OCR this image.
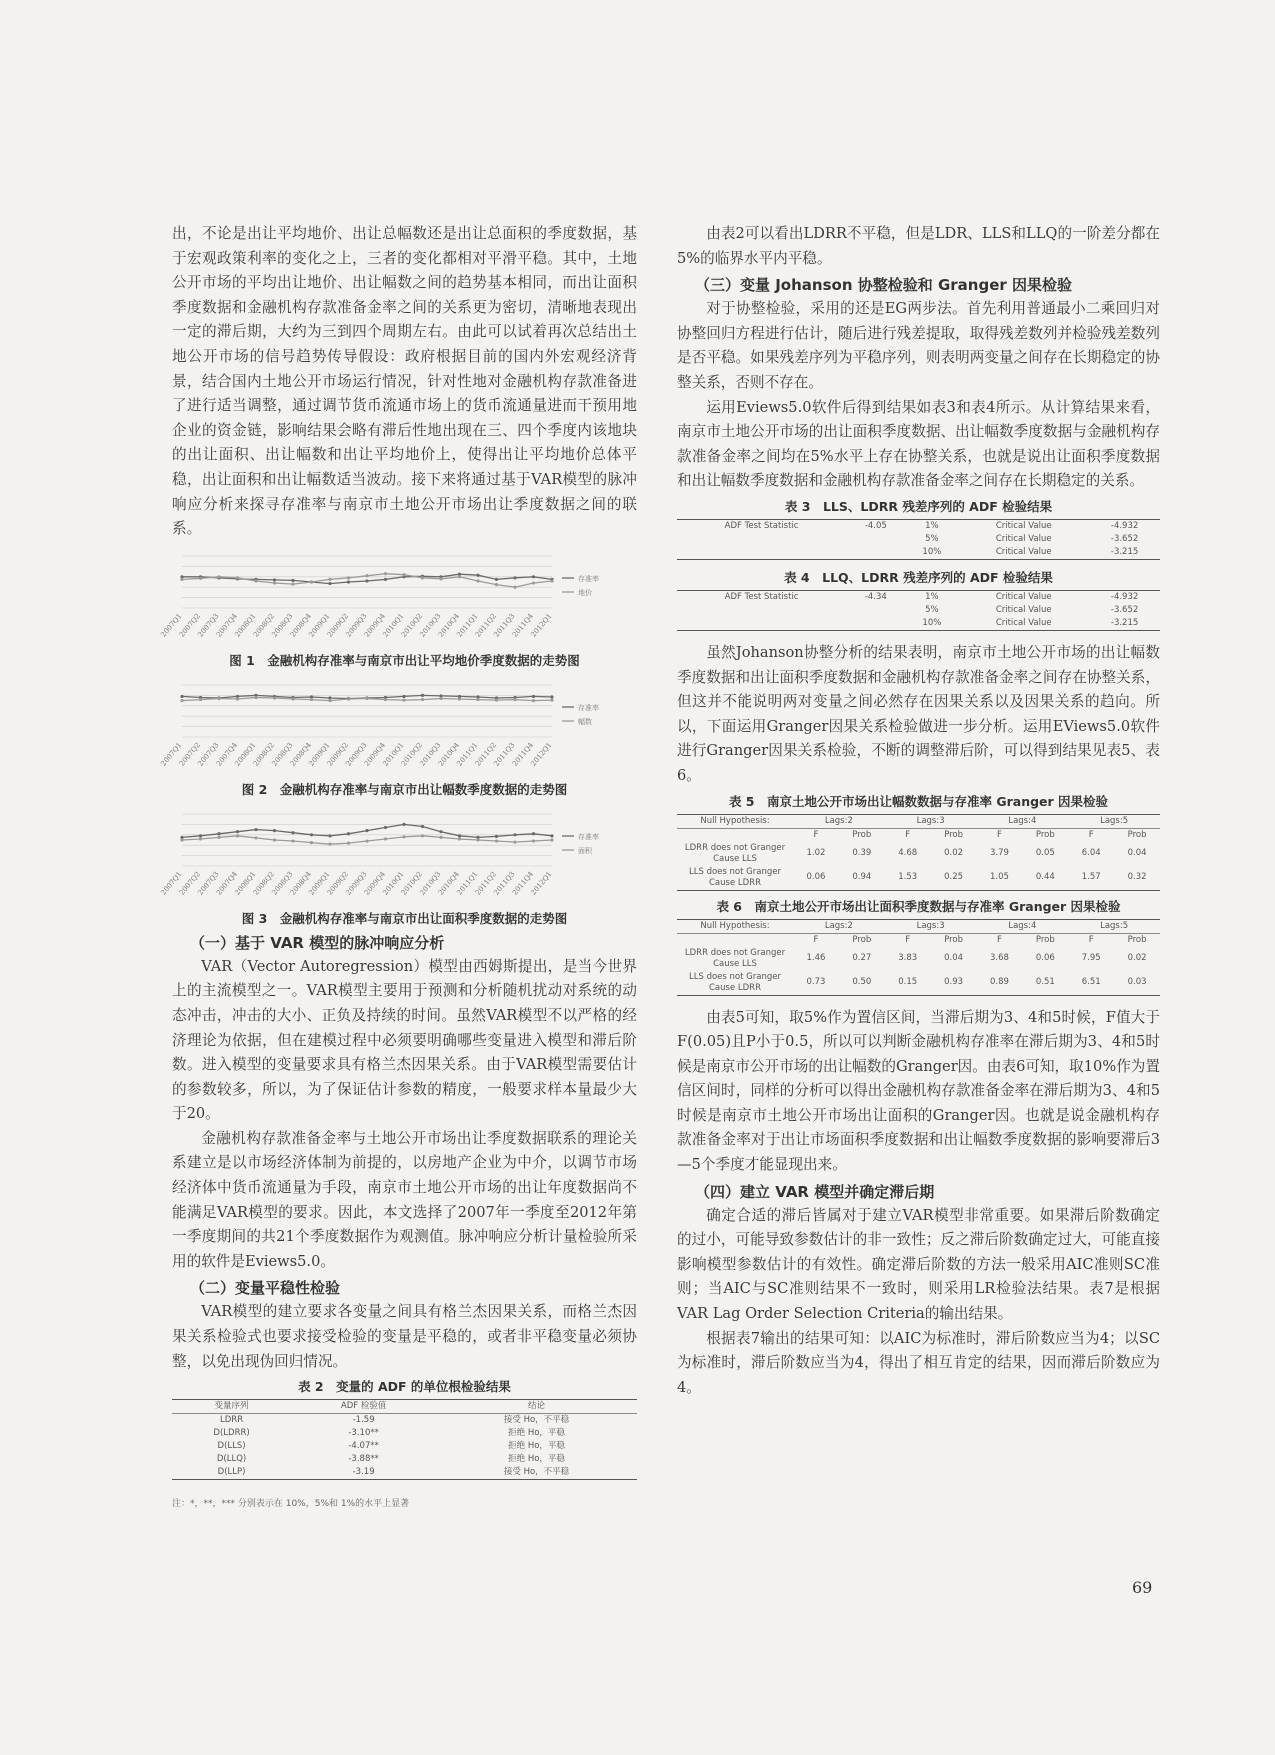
出，不论是出让平均地价、出让总幅数还是出让总面积的季度数据，基于宏观政策利率的变化之上，三者的变化都相对平滑平稳。其中，土地公开市场的平均出让地价、出让幅数之间的趋势基本相同，而出让面积季度数据和金融机构存款准备金率之间的关系更为密切，清晰地表现出一定的滞后期，大约为三到四个周期左右。由此可以试着再次总结出土地公开市场的信号趋势传导假设：政府根据目前的国内外宏观经济背景，结合国内土地公开市场运行情况，针对性地对金融机构存款准备进了进行适当调整，通过调节货币流通市场上的货币流通量进而干预用地企业的资金链，影响结果会略有滞后性地出现在三、四个季度内该地块的出让面积、出让幅数和出让平均地价上，使得出让平均地价总体平稳，出让面积和出让幅数适当波动。接下来将通过基于VAR模型的脉冲响应分析来探寻存准率与南京市土地公开市场出让季度数据之间的联系。

存准率
地价
2007Q1
2007Q2
2007Q3
2007Q4
2008Q1
2008Q2
2008Q3
2008Q4
2009Q1
2009Q2
2009Q3
2009Q4
2010Q1
2010Q2
2010Q3
2010Q4
2011Q1
2011Q2
2011Q3
2011Q4
2012Q1
图 1　金融机构存准率与南京市出让平均地价季度数据的走势图
存准率
幅数
2007Q1
2007Q2
2007Q3
2007Q4
2008Q1
2008Q2
2008Q3
2008Q4
2009Q1
2009Q2
2009Q3
2009Q4
2010Q1
2010Q2
2010Q3
2010Q4
2011Q1
2011Q2
2011Q3
2011Q4
2012Q1
图 2　金融机构存准率与南京市出让幅数季度数据的走势图
存准率
面积
2007Q1
2007Q2
2007Q3
2007Q4
2008Q1
2008Q2
2008Q3
2008Q4
2009Q1
2009Q2
2009Q3
2009Q4
2010Q1
2010Q2
2010Q3
2010Q4
2011Q1
2011Q2
2011Q3
2011Q4
2012Q1
图 3　金融机构存准率与南京市出让面积季度数据的走势图
（一）基于 VAR 模型的脉冲响应分析

VAR（Vector Autoregression）模型由西姆斯提出，是当今世界上的主流模型之一。VAR模型主要用于预测和分析随机扰动对系统的动态冲击，冲击的大小、正负及持续的时间。虽然VAR模型不以严格的经济理论为依据，但在建模过程中必须要明确哪些变量进入模型和滞后阶数。进入模型的变量要求具有格兰杰因果关系。由于VAR模型需要估计的参数较多，所以，为了保证估计参数的精度，一般要求样本量最少大于20。

金融机构存款准备金率与土地公开市场出让季度数据联系的理论关系建立是以市场经济体制为前提的，以房地产企业为中介，以调节市场经济体中货币流通量为手段，南京市土地公开市场的出让年度数据尚不能满足VAR模型的要求。因此，本文选择了2007年一季度至2012年第一季度期间的共21个季度数据作为观测值。脉冲响应分析计量检验所采用的软件是Eviews5.0。

（二）变量平稳性检验

VAR模型的建立要求各变量之间具有格兰杰因果关系，而格兰杰因果关系检验式也要求接受检验的变量是平稳的，或者非平稳变量必须协整，以免出现伪回归情况。

表 2　变量的 ADF 的单位根检验结果
变量序列	ADF 检验值	结论
LDRR	-1.59	接受 Ho，不平稳
D(LDRR)	-3.10**	拒绝 Ho，平稳
D(LLS)	-4.07**	拒绝 Ho，平稳
D(LLQ)	-3.88**	拒绝 Ho，平稳
D(LLP)	-3.19	接受 Ho，不平稳
注：*，**，*** 分别表示在 10%，5%和 1%的水平上显著

由表2可以看出LDRR不平稳，但是LDR、LLS和LLQ的一阶差分都在5%的临界水平内平稳。

（三）变量 Johanson 协整检验和 Granger 因果检验

对于协整检验，采用的还是EG两步法。首先利用普通最小二乘回归对协整回归方程进行估计，随后进行残差提取，取得残差数列并检验残差数列是否平稳。如果残差序列为平稳序列，则表明两变量之间存在长期稳定的协整关系，否则不存在。

运用Eviews5.0软件后得到结果如表3和表4所示。从计算结果来看，南京市土地公开市场的出让面积季度数据、出让幅数季度数据与金融机构存款准备金率之间均在5%水平上存在协整关系，也就是说出让面积季度数据和出让幅数季度数据和金融机构存款准备金率之间存在长期稳定的关系。

表 3　LLS、LDRR 残差序列的 ADF 检验结果
ADF Test Statistic	-4.05	1%	Critical Value	-4.932
		5%	Critical Value	-3.652
		10%	Critical Value	-3.215
表 4　LLQ、LDRR 残差序列的 ADF 检验结果
ADF Test Statistic	-4.34	1%	Critical Value	-4.932
		5%	Critical Value	-3.652
		10%	Critical Value	-3.215

虽然Johanson协整分析的结果表明，南京市土地公开市场的出让幅数季度数据和出让面积季度数据和金融机构存款准备金率之间存在协整关系，但这并不能说明两对变量之间必然存在因果关系以及因果关系的趋向。所以，下面运用Granger因果关系检验做进一步分析。运用EViews5.0软件进行Granger因果关系检验，不断的调整滞后阶，可以得到结果见表5、表6。

表 5　南京土地公开市场出让幅数数据与存准率 Granger 因果检验
Null Hypothesis:	Lags:2		Lags:3		Lags:4		Lags:5	
	F	Prob	F	Prob	F	Prob	F	Prob
LDRR does not Granger Cause LLS	1.02	0.39	4.68	0.02	3.79	0.05	6.04	0.04
LLS does not Granger Cause LDRR	0.06	0.94	1.53	0.25	1.05	0.44	1.57	0.32
表 6　南京土地公开市场出让面积季度数据与存准率 Granger 因果检验
Null Hypothesis:	Lags:2		Lags:3		Lags:4		Lags:5	
	F	Prob	F	Prob	F	Prob	F	Prob
LDRR does not Granger Cause LLS	1.46	0.27	3.83	0.04	3.68	0.06	7.95	0.02
LLS does not Granger Cause LDRR	0.73	0.50	0.15	0.93	0.89	0.51	6.51	0.03

由表5可知，取5%作为置信区间，当滞后期为3、4和5时候，F值大于F(0.05)且P小于0.5，所以可以判断金融机构存准率在滞后期为3、4和5时候是南京市公开市场的出让幅数的Granger因。由表6可知，取10%作为置信区间时，同样的分析可以得出金融机构存款准备金率在滞后期为3、4和5时候是南京市土地公开市场出让面积的Granger因。也就是说金融机构存款准备金率对于出让市场面积季度数据和出让幅数季度数据的影响要滞后3—5个季度才能显现出来。

（四）建立 VAR 模型并确定滞后期

确定合适的滞后皆属对于建立VAR模型非常重要。如果滞后阶数确定的过小，可能导致参数估计的非一致性；反之滞后阶数确定过大，可能直接影响模型参数估计的有效性。确定滞后阶数的方法一般采用AIC准则SC准则；当AIC与SC准则结果不一致时，则采用LR检验法结果。表7是根据VAR Lag Order Selection Criteria的输出结果。

根据表7输出的结果可知：以AIC为标准时，滞后阶数应当为4；以SC为标准时，滞后阶数应当为4，得出了相互肯定的结果，因而滞后阶数应为4。

69
